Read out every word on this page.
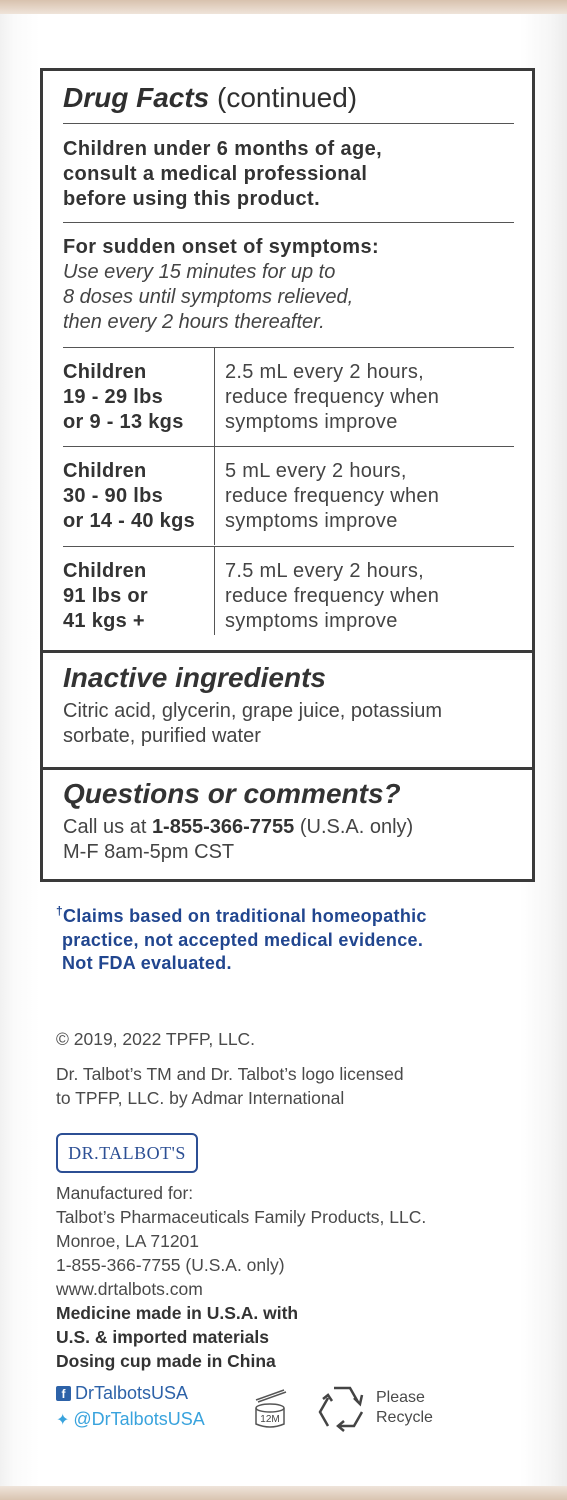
Drug Facts (continued)
Children under 6 months of age,
consult a medical professional
before using this product.
For sudden onset of symptoms:
Use every 15 minutes for up to
8 doses until symptoms relieved,
then every 2 hours thereafter.
Children
19 - 29 lbs
or 9 - 13 kgs
2.5 mL every 2 hours,
reduce frequency when
symptoms improve
Children
30 - 90 lbs
or 14 - 40 kgs
5 mL every 2 hours,
reduce frequency when
symptoms improve
Children
91 lbs or
41 kgs +
7.5 mL every 2 hours,
reduce frequency when
symptoms improve
Inactive ingredients
Citric acid, glycerin, grape juice, potassium
sorbate, purified water
Questions or comments?
Call us at 1-855-366-7755 (U.S.A. only)
M-F 8am-5pm CST
†Claims based on traditional homeopathic
practice, not accepted medical evidence.
Not FDA evaluated.
© 2019, 2022 TPFP, LLC.
Dr. Talbot’s TM and Dr. Talbot’s logo licensed
to TPFP, LLC. by Admar International
DR.TALBOT'S
Manufactured for:
Talbot’s Pharmaceuticals Family Products, LLC.
Monroe, LA 71201
1-855-366-7755 (U.S.A. only)
www.drtalbots.com
Medicine made in U.S.A. with
U.S. & imported materials
Dosing cup made in China
f DrTalbotsUSA
✦ @DrTalbotsUSA	12M
Please
Recycle
